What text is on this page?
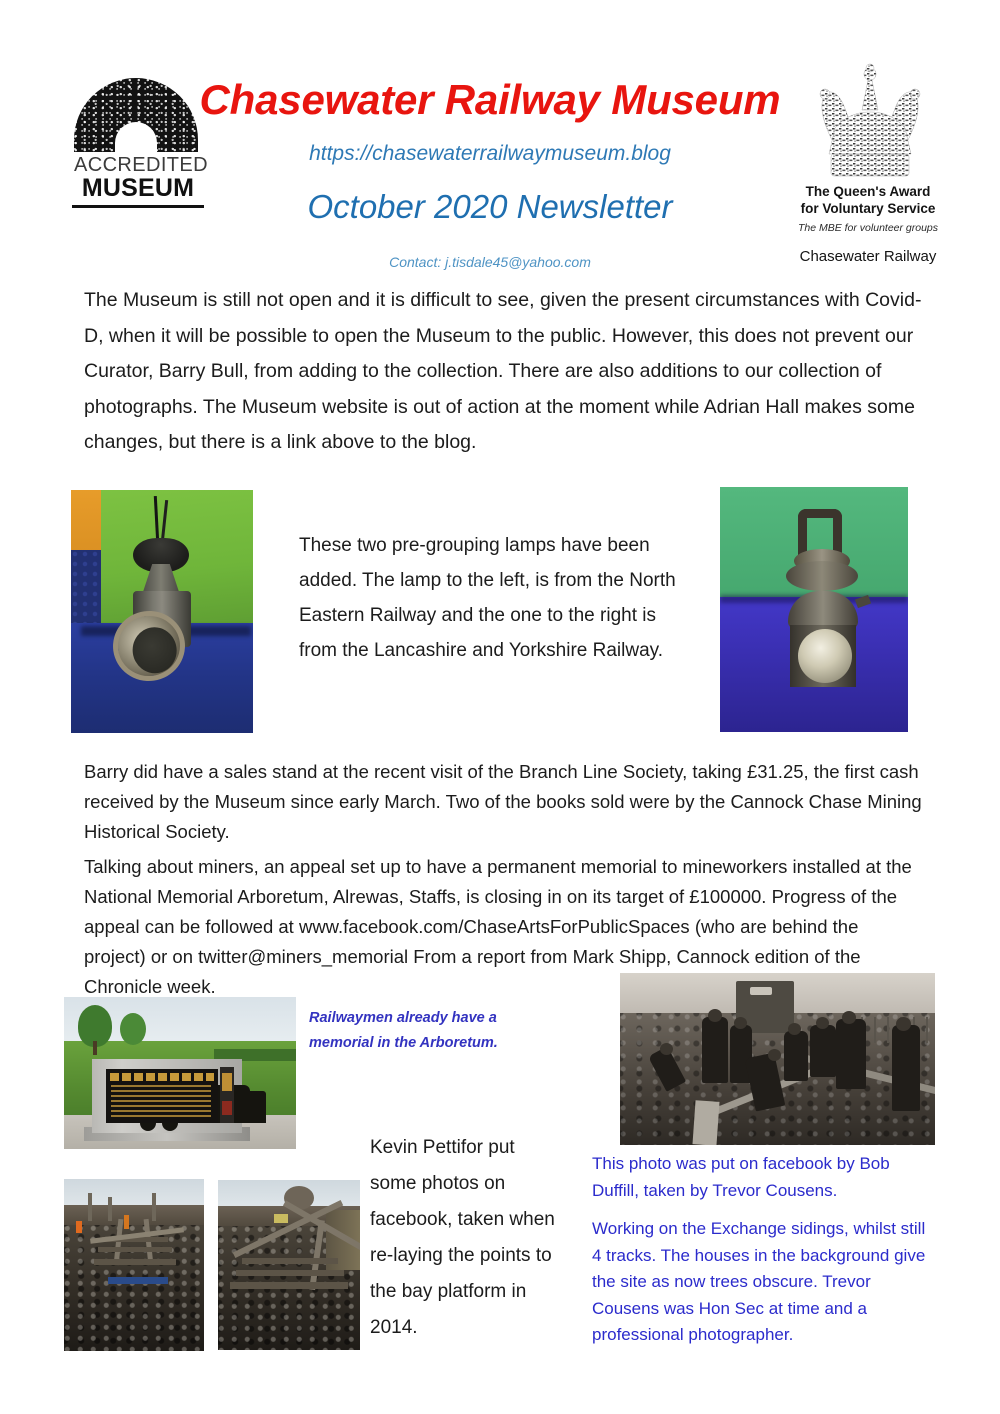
ACCREDITED
MUSEUM
Chasewater Railway Museum
https://chasewaterrailwaymuseum.blog
October 2020 Newsletter
Contact: j.tisdale45@yahoo.com
The Queen's Award
for Voluntary Service
The MBE for volunteer groups
Chasewater Railway
The Museum is still not open and it is difficult to see, given the present circumstances with Covid-D, when it will be possible to open the Museum to the public. However, this does not prevent our Curator, Barry Bull, from adding to the collection. There are also additions to our collection of photographs. The Museum website is out of action at the moment while Adrian Hall makes some changes, but there is a link above to the blog.
These two pre-grouping lamps have been added. The lamp to the left, is from the North Eastern Railway and the one to the right is from the Lancashire and Yorkshire Railway.
Barry did have a sales stand at the recent visit of the Branch Line Society, taking £31.25, the first cash received by the Museum since early March. Two of the books sold were by the Cannock Chase Mining Historical Society.
Talking about miners, an appeal set up to have a permanent memorial to mineworkers installed at the National Memorial Arboretum, Alrewas, Staffs, is closing in on its target of £100000. Progress of the appeal can be followed at www.facebook.com/ChaseArtsForPublicSpaces (who are behind the project) or on twitter@miners_memorial From a report from Mark Shipp, Cannock edition of the Chronicle week.
Railwaymen already have a memorial in the Arboretum.
Kevin Pettifor put some photos on facebook, taken when re-laying the points to the bay platform in 2014.
This photo was put on facebook by Bob Duffill, taken by Trevor Cousens.
Working on the Exchange sidings, whilst still 4 tracks. The houses in the background give the site as now trees obscure. Trevor Cousens was Hon Sec at time and a professional photographer.
